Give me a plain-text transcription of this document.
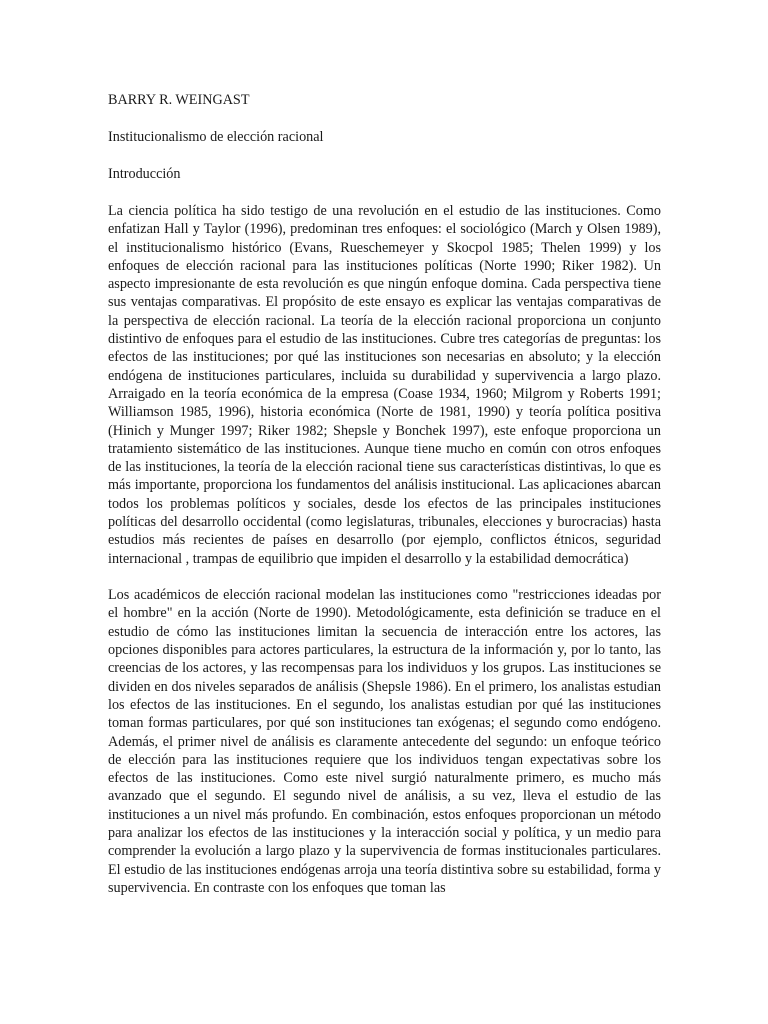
BARRY R. WEINGAST
Institucionalismo de elección racional
Introducción

La ciencia política ha sido testigo de una revolución en el estudio de las instituciones. Como enfatizan Hall y Taylor (1996), predominan tres enfoques: el sociológico (March y Olsen 1989), el institucionalismo histórico (Evans, Rueschemeyer y Skocpol 1985; Thelen 1999) y los enfoques de elección racional para las instituciones políticas (Norte 1990; Riker 1982). Un aspecto impresionante de esta revolución es que ningún enfoque domina. Cada perspectiva tiene sus ventajas comparativas. El propósito de este ensayo es explicar las ventajas comparativas de la perspectiva de elección racional. La teoría de la elección racional proporciona un conjunto distintivo de enfoques para el estudio de las instituciones. Cubre tres categorías de preguntas: los efectos de las instituciones; por qué las instituciones son necesarias en absoluto; y la elección endógena de instituciones particulares, incluida su durabilidad y supervivencia a largo plazo. Arraigado en la teoría económica de la empresa (Coase 1934, 1960; Milgrom y Roberts 1991; Williamson 1985, 1996), historia económica (Norte de 1981, 1990) y teoría política positiva (Hinich y Munger 1997; Riker 1982; Shepsle y Bonchek 1997), este enfoque proporciona un tratamiento sistemático de las instituciones. Aunque tiene mucho en común con otros enfoques de las instituciones, la teoría de la elección racional tiene sus características distintivas, lo que es más importante, proporciona los fundamentos del análisis institucional. Las aplicaciones abarcan todos los problemas políticos y sociales, desde los efectos de las principales instituciones políticas del desarrollo occidental (como legislaturas, tribunales, elecciones y burocracias) hasta estudios más recientes de países en desarrollo (por ejemplo, conflictos étnicos, seguridad internacional , trampas de equilibrio que impiden el desarrollo y la estabilidad democrática)

Los académicos de elección racional modelan las instituciones como "restricciones ideadas por el hombre" en la acción (Norte de 1990). Metodológicamente, esta definición se traduce en el estudio de cómo las instituciones limitan la secuencia de interacción entre los actores, las opciones disponibles para actores particulares, la estructura de la información y, por lo tanto, las creencias de los actores, y las recompensas para los individuos y los grupos. Las instituciones se dividen en dos niveles separados de análisis (Shepsle 1986). En el primero, los analistas estudian los efectos de las instituciones. En el segundo, los analistas estudian por qué las instituciones toman formas particulares, por qué son instituciones tan exógenas; el segundo como endógeno. Además, el primer nivel de análisis es claramente antecedente del segundo: un enfoque teórico de elección para las instituciones requiere que los individuos tengan expectativas sobre los efectos de las instituciones. Como este nivel surgió naturalmente primero, es mucho más avanzado que el segundo. El segundo nivel de análisis, a su vez, lleva el estudio de las instituciones a un nivel más profundo. En combinación, estos enfoques proporcionan un método para analizar los efectos de las instituciones y la interacción social y política, y un medio para comprender la evolución a largo plazo y la supervivencia de formas institucionales particulares. El estudio de las instituciones endógenas arroja una teoría distintiva sobre su estabilidad, forma y supervivencia. En contraste con los enfoques que toman las
